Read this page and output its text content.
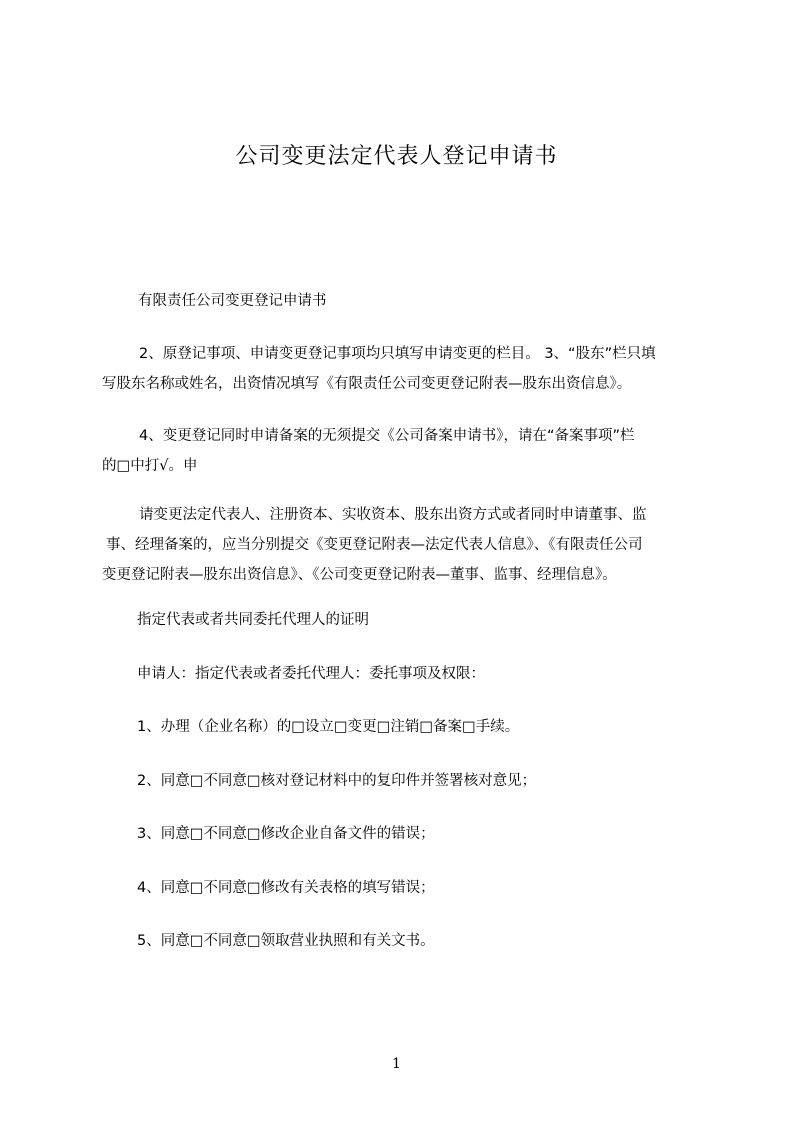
公司变更法定代表人登记申请书
有限责任公司变更登记申请书
2、原登记事项、申请变更登记事项均只填写申请变更的栏目。 3、“股东”栏只填
写股东名称或姓名，出资情况填写《有限责任公司变更登记附表—股东出资信息》。
4、变更登记同时申请备案的无须提交《公司备案申请书》，请在“备案事项”栏
的□中打√。申
请变更法定代表人、注册资本、实收资本、股东出资方式或者同时申请董事、监
事、经理备案的，应当分别提交《变更登记附表—法定代表人信息》、《有限责任公司
变更登记附表—股东出资信息》、《公司变更登记附表—董事、监事、经理信息》。
指定代表或者共同委托代理人的证明
申请人：指定代表或者委托代理人：委托事项及权限：
1、办理（企业名称）的□设立□变更□注销□备案□手续。
2、同意□不同意□核对登记材料中的复印件并签署核对意见；
3、同意□不同意□修改企业自备文件的错误；
4、同意□不同意□修改有关表格的填写错误；
5、同意□不同意□领取营业执照和有关文书。
1
